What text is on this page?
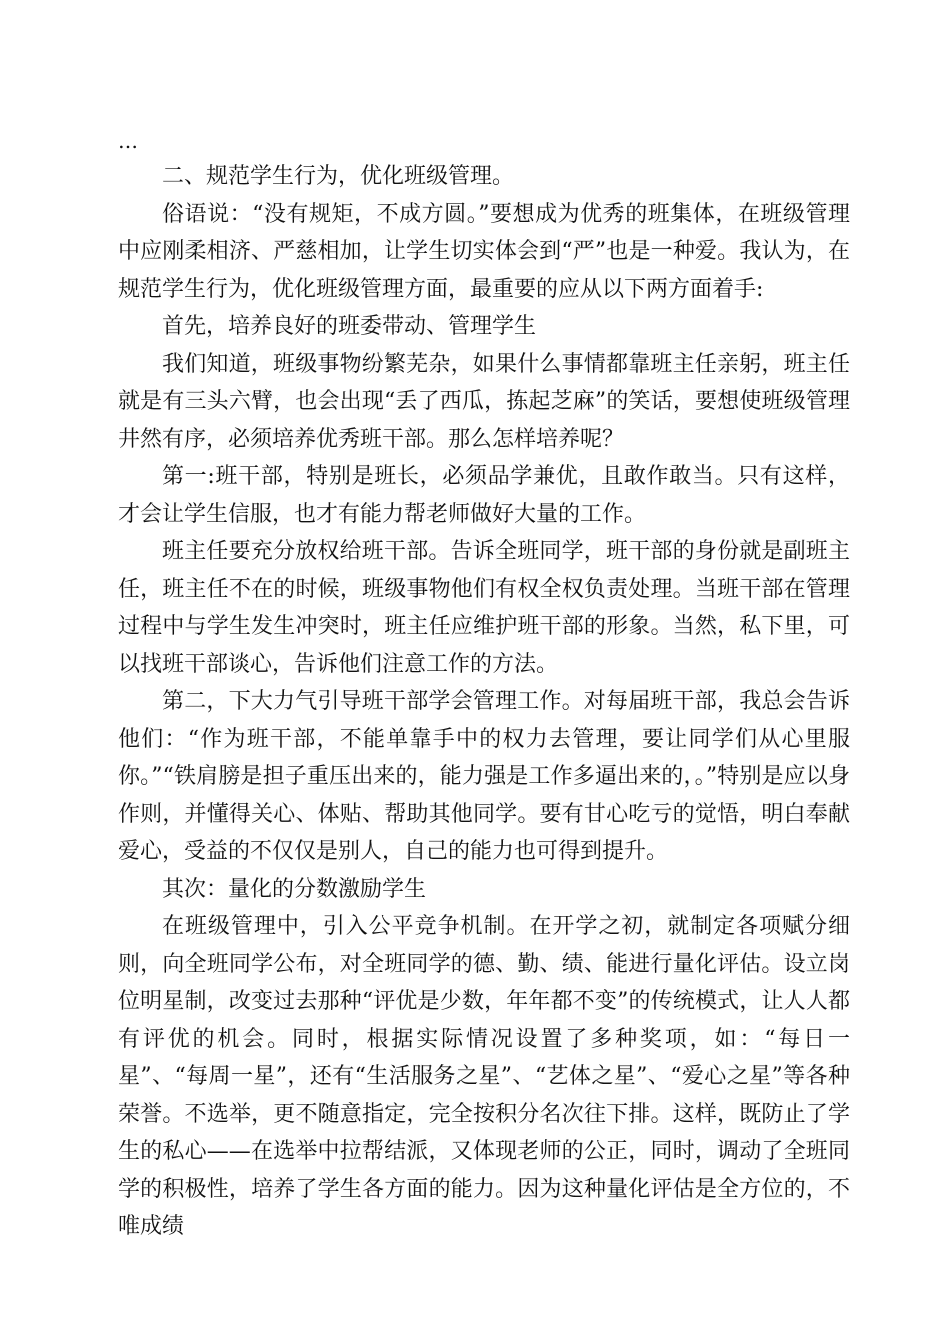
…

二、规范学生行为，优化班级管理。

俗语说：“没有规矩，不成方圆。”要想成为优秀的班集体，在班级管理中应刚柔相济、严慈相加，让学生切实体会到“严”也是一种爱。我认为，在规范学生行为，优化班级管理方面，最重要的应从以下两方面着手:

首先，培养良好的班委带动、管理学生

我们知道，班级事物纷繁芜杂，如果什么事情都靠班主任亲躬，班主任就是有三头六臂，也会出现“丢了西瓜，拣起芝麻”的笑话，要想使班级管理井然有序，必须培养优秀班干部。那么怎样培养呢？

第一:班干部，特别是班长，必须品学兼优，且敢作敢当。只有这样，才会让学生信服，也才有能力帮老师做好大量的工作。

班主任要充分放权给班干部。告诉全班同学，班干部的身份就是副班主任，班主任不在的时候，班级事物他们有权全权负责处理。当班干部在管理过程中与学生发生冲突时，班主任应维护班干部的形象。当然，私下里，可以找班干部谈心，告诉他们注意工作的方法。

第二，下大力气引导班干部学会管理工作。对每届班干部，我总会告诉他们：“作为班干部，不能单靠手中的权力去管理，要让同学们从心里服你。”“铁肩膀是担子重压出来的，能力强是工作多逼出来的，。”特别是应以身作则，并懂得关心、体贴、帮助其他同学。要有甘心吃亏的觉悟，明白奉献爱心，受益的不仅仅是别人，自己的能力也可得到提升。

其次：量化的分数激励学生

在班级管理中，引入公平竞争机制。在开学之初，就制定各项赋分细则，向全班同学公布，对全班同学的德、勤、绩、能进行量化评估。设立岗位明星制，改变过去那种“评优是少数，年年都不变”的传统模式，让人人都有评优的机会。同时，根据实际情况设置了多种奖项，如：“每日一星”、“每周一星”，还有“生活服务之星”、“艺体之星”、“爱心之星”等各种荣誉。不选举，更不随意指定，完全按积分名次往下排。这样，既防止了学生的私心——在选举中拉帮结派，又体现老师的公正，同时，调动了全班同学的积极性，培养了学生各方面的能力。因为这种量化评估是全方位的，不唯成绩
